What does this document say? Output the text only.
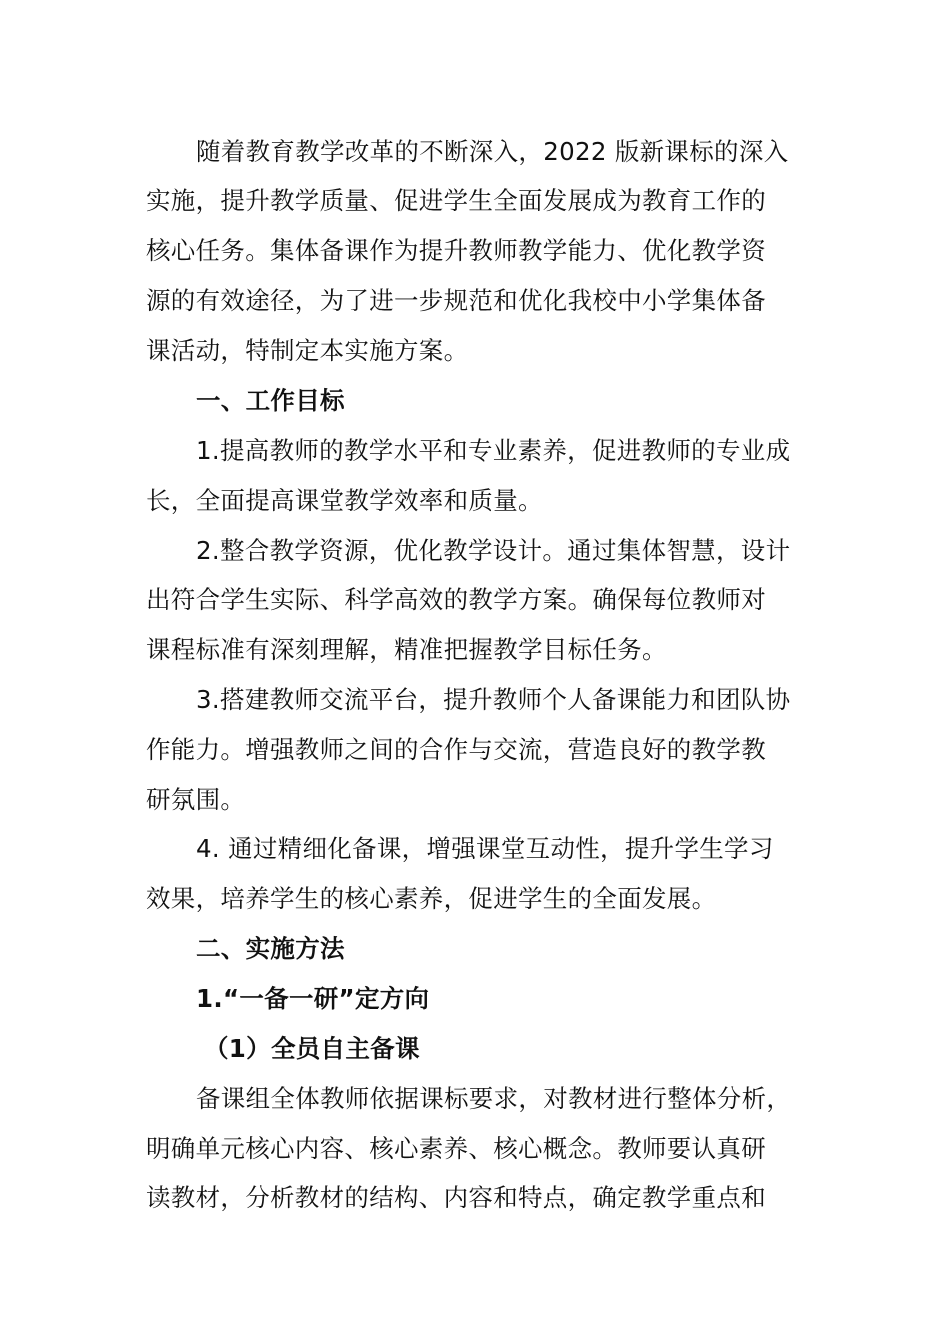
随着教育教学改革的不断深入，2022 版新课标的深入
实施，提升教学质量、促进学生全面发展成为教育工作的
核心任务。集体备课作为提升教师教学能力、优化教学资
源的有效途径，为了进一步规范和优化我校中小学集体备
课活动，特制定本实施方案。
一、工作目标
1.提高教师的教学水平和专业素养，促进教师的专业成
长，全面提高课堂教学效率和质量。
2.整合教学资源，优化教学设计。通过集体智慧，设计
出符合学生实际、科学高效的教学方案。确保每位教师对
课程标准有深刻理解，精准把握教学目标任务。
3.搭建教师交流平台，提升教师个人备课能力和团队协
作能力。增强教师之间的合作与交流，营造良好的教学教
研氛围。
4. 通过精细化备课，增强课堂互动性，提升学生学习
效果，培养学生的核心素养，促进学生的全面发展。
二、实施方法
1.“一备一研”定方向
（1）全员自主备课
备课组全体教师依据课标要求，对教材进行整体分析，
明确单元核心内容、核心素养、核心概念。教师要认真研
读教材，分析教材的结构、内容和特点，确定教学重点和
